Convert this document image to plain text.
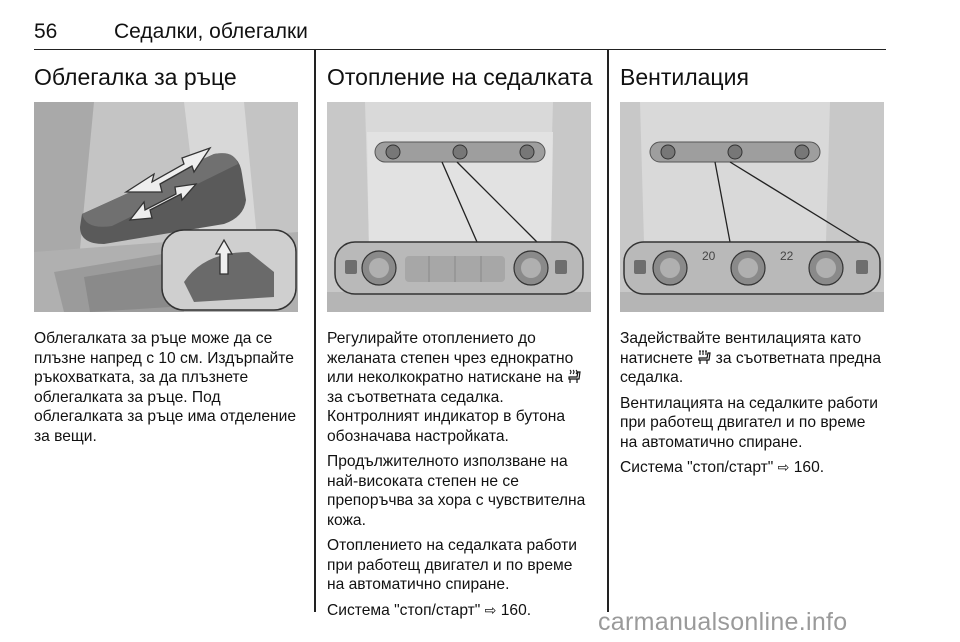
56	Седалки, облегалки
Облегалка за ръце

Облегалката за ръце може да се плъзне напред с 10 см. Издърпайте ръкохватката, за да плъзнете облегалката за ръце. Под облегалката за ръце има отделение за вещи.

Отопление на седалката

Регулирайте отоплението до желаната степен чрез еднократно или неколкократно натискане на  за съответната седалка. Контролният индикатор в бутона обозначава настройката.

Продължителното използване на най-високата степен не се препоръчва за хора с чувствителна кожа.

Отоплението на седалката работи при работещ двигател и по време на автоматично спиране.

Система "стоп/старт" ⇨ 160.

Вентилация
20	22

Задействайте вентилацията като натиснете  за съответната предна седалка.

Вентилацията на седалките работи при работещ двигател и по време на автоматично спиране.

Система "стоп/старт" ⇨ 160.

carmanualsonline.info
